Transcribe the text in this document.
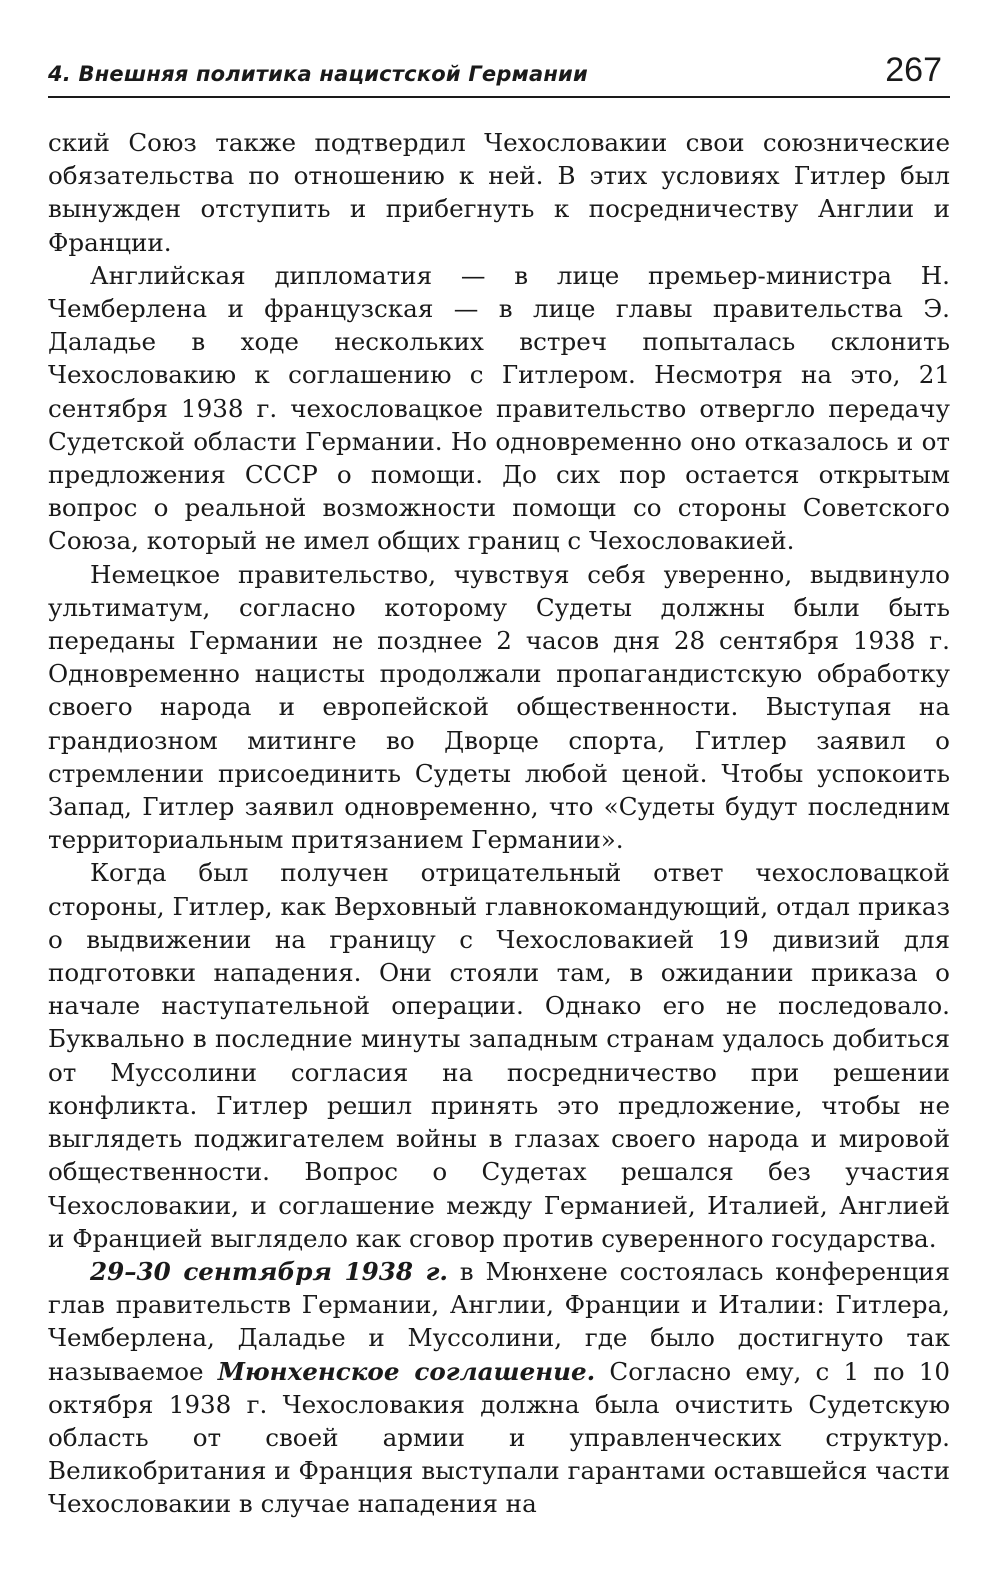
4. Внешняя политика нацистской Германии	267

ский Союз также подтвердил Чехословакии свои союзнические обязательства по отношению к ней. В этих условиях Гитлер был вынужден отступить и прибегнуть к посредничеству Англии и Франции.

Английская дипломатия — в лице премьер-министра Н. Чемберлена и французская — в лице главы правительства Э. Даладье в ходе нескольких встреч попыталась склонить Чехословакию к соглашению с Гитлером. Несмотря на это, 21 сентября 1938 г. чехословацкое правительство отвергло передачу Судетской области Германии. Но одновременно оно отказалось и от предложения СССР о помощи. До сих пор остается открытым вопрос о реальной возможности помощи со стороны Советского Союза, который не имел общих границ с Чехословакией.

Немецкое правительство, чувствуя себя уверенно, выдвинуло ультиматум, согласно которому Судеты должны были быть переданы Германии не позднее 2 часов дня 28 сентября 1938 г. Одновременно нацисты продолжали пропагандистскую обработку своего народа и европейской общественности. Выступая на грандиозном митинге во Дворце спорта, Гитлер заявил о стремлении присоединить Судеты любой ценой. Чтобы успокоить Запад, Гитлер заявил одновременно, что «Судеты будут последним территориальным притязанием Германии».

Когда был получен отрицательный ответ чехословацкой стороны, Гитлер, как Верховный главнокомандующий, отдал приказ о выдвижении на границу с Чехословакией 19 дивизий для подготовки нападения. Они стояли там, в ожидании приказа о начале наступательной операции. Однако его не последовало. Буквально в последние минуты западным странам удалось добиться от Муссолини согласия на посредничество при решении конфликта. Гитлер решил принять это предложение, чтобы не выглядеть поджигателем войны в глазах своего народа и мировой общественности. Вопрос о Судетах решался без участия Чехословакии, и соглашение между Германией, Италией, Англией и Францией выглядело как сговор против суверенного государства.

29–30 сентября 1938 г. в Мюнхене состоялась конференция глав правительств Германии, Англии, Франции и Италии: Гитлера, Чемберлена, Даладье и Муссолини, где было достигнуто так называемое Мюнхенское соглашение. Согласно ему, с 1 по 10 октября 1938 г. Чехословакия должна была очистить Судетскую область от своей армии и управленческих структур. Великобритания и Франция выступали гарантами оставшейся части Чехословакии в случае нападения на
